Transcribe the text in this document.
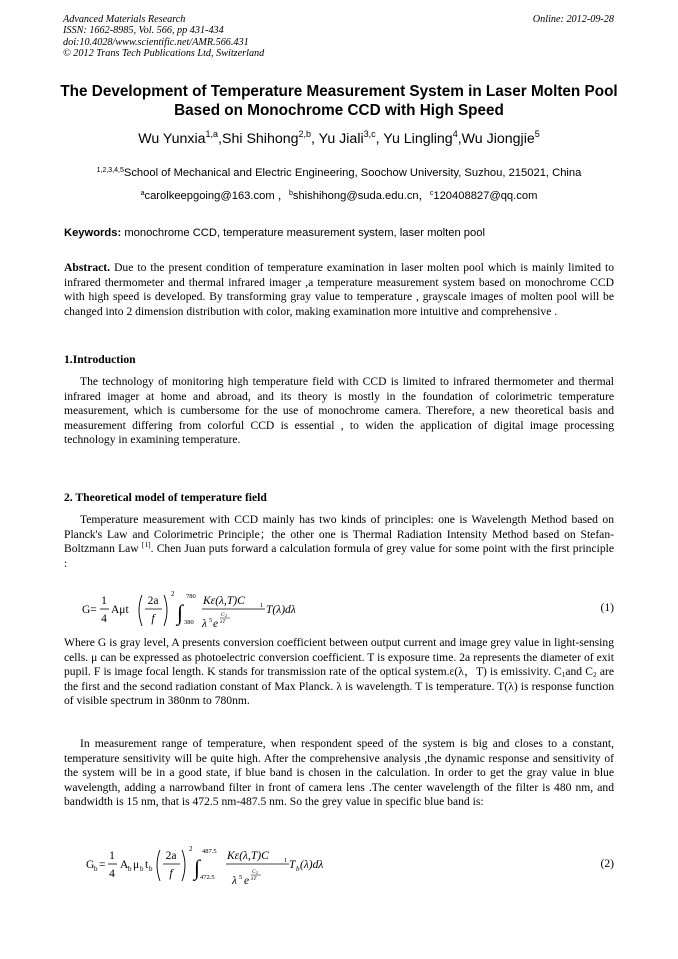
Advanced Materials Research
ISSN: 1662-8985, Vol. 566, pp 431-434
doi:10.4028/www.scientific.net/AMR.566.431
© 2012 Trans Tech Publications Ltd, Switzerland
Online: 2012-09-28
The Development of Temperature Measurement System in Laser Molten Pool Based on Monochrome CCD with High Speed
Wu Yunxia$^{1,a}$,Shi Shihong$^{2,b}$, Yu Jiali$^{3,c}$, Yu Lingling$^4$,Wu Jiongjie$^5$
$^{1,2,3,4,5}$School of Mechanical and Electric Engineering, Soochow University, Suzhou, 215021, China
$^a$carolkeepgoing@163.com ，$^b$shishihong@suda.edu.cn，$^c$120408827@qq.com
Keywords: monochrome CCD, temperature measurement system, laser molten pool
Abstract. Due to the present condition of temperature examination in laser molten pool which is mainly limited to infrared thermometer and thermal infrared imager ,a temperature measurement system based on monochrome CCD with high speed is developed. By transforming gray value to temperature , grayscale images of molten pool will be changed into 2 dimension distribution with color, making examination more intuitive and comprehensive .
1.Introduction
The technology of monitoring high temperature field with CCD is limited to infrared thermometer and thermal infrared imager at home and abroad, and its theory is mostly in the foundation of colorimetric temperature measurement, which is cumbersome for the use of monochrome camera. Therefore, a new theoretical basis and measurement differing from colorful CCD is essential , to widen the application of digital image processing technology in examining temperature.
2. Theoretical model of temperature field
Temperature measurement with CCD mainly has two kinds of principles: one is Wavelength Method based on Planck's Law and Colorimetric Principle；the other one is Thermal Radiation Intensity Method based on Stefan-Boltzmann Law [1]. Chen Juan puts forward a calculation formula of grey value for some point with the first principle :
G=
1
4
Aμt
2a
f
2
∫
780
380
Kε(λ,T)C 1
λ 5 e
C 2
λT
T(λ)dλ	(1)
Where G is gray level, A presents conversion coefficient between output current and image grey value in light-sensing cells. μ can be expressed as photoelectric conversion coefficient. T is exposure time. 2a represents the diameter of exit pupil. F is image focal length. K stands for transmission rate of the optical system.ε(λ，T) is emissivity. $C_1and$ $C_2$ are the first and the second radiation constant of Max Planck. λ is wavelength. T is temperature. T(λ) is response function of visible spectrum in 380nm to 780nm.
In measurement range of temperature, when respondent speed of the system is big and closes to a constant, temperature sensitivity will be quite high. After the comprehensive analysis ,the dynamic response and sensitivity of the system will be in a good state, if blue band is chosen in the calculation. In order to get the gray value in blue wavelength, adding a narrowband filter in front of camera lens .The center wavelength of the filter is 480 nm, and bandwidth is 15 nm, that is 472.5 nm-487.5 nm. So the grey value in specific blue band is:
G b =
1
4
A b μ b t b
2a
f
2
∫
487.5
472.5
Kε(λ,T)C 1
λ 5 e
C 2
λT
T b (λ)dλ	(2)
